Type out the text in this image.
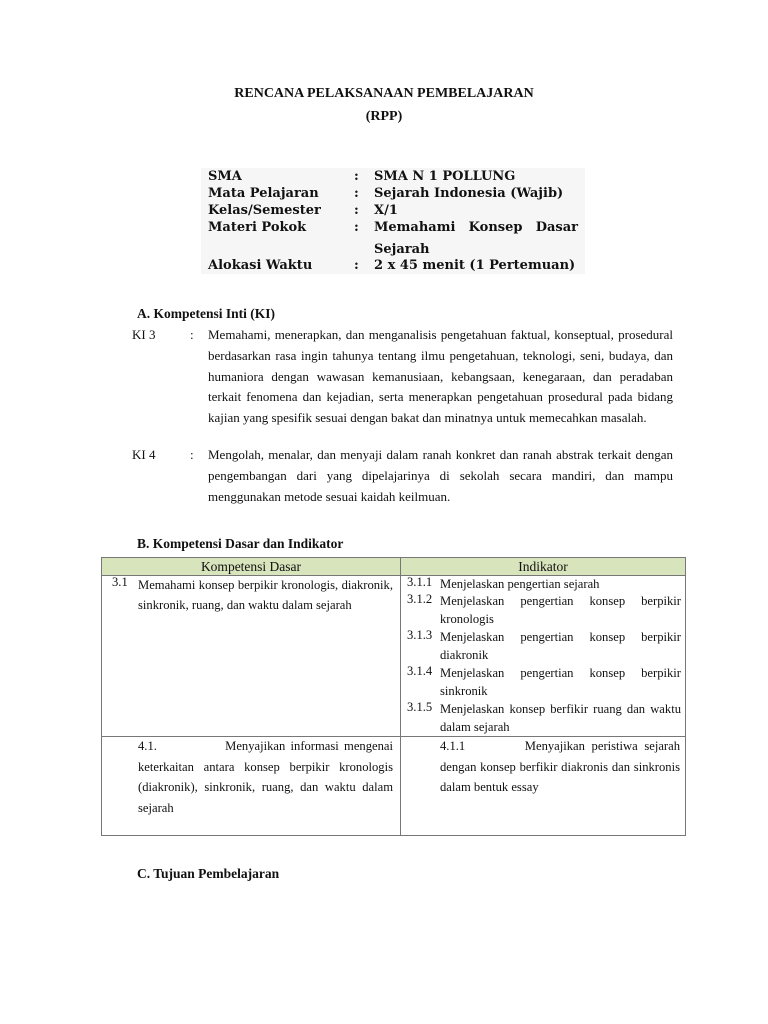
RENCANA PELAKSANAAN PEMBELAJARAN
(RPP)
SMA	: SMA N 1 POLLUNG
Mata Pelajaran	: Sejarah Indonesia (Wajib)
Kelas/Semester	: X/1
Materi Pokok	: Memahami Konsep Dasar
Sejarah
Alokasi Waktu	: 2 x 45 menit (1 Pertemuan)
A. Kompetensi Inti (KI)
KI 3	: Memahami, menerapkan, dan menganalisis pengetahuan faktual, konseptual, prosedural berdasarkan rasa ingin tahunya tentang ilmu pengetahuan, teknologi, seni, budaya, dan humaniora dengan wawasan kemanusiaan, kebangsaan, kenegaraan, dan peradaban terkait fenomena dan kejadian, serta menerapkan pengetahuan prosedural pada bidang kajian yang spesifik sesuai dengan bakat dan minatnya untuk memecahkan masalah.
KI 4	: Mengolah, menalar, dan menyaji dalam ranah konkret dan ranah abstrak terkait dengan pengembangan dari yang dipelajarinya di sekolah secara mandiri, dan mampu menggunakan metode sesuai kaidah keilmuan.
B. Kompetensi Dasar dan Indikator
Kompetensi Dasar	Indikator
3.1 Memahami konsep berpikir kronologis, diakronik, sinkronik, ruang, dan waktu dalam sejarah
3.1.1 Menjelaskan pengertian sejarah
3.1.2 Menjelaskan pengertian konsep berpikir kronologis
3.1.3 Menjelaskan pengertian konsep berpikir diakronik
3.1.4 Menjelaskan pengertian konsep berpikir sinkronik
3.1.5 Menjelaskan konsep berfikir ruang dan waktu dalam sejarah
4.1.             Menyajikan informasi mengenai keterkaitan antara konsep berpikir kronologis (diakronik), sinkronik, ruang, dan waktu dalam sejarah
4.1.1         Menyajikan peristiwa sejarah dengan konsep berfikir diakronis dan sinkronis dalam bentuk essay
C. Tujuan Pembelajaran
